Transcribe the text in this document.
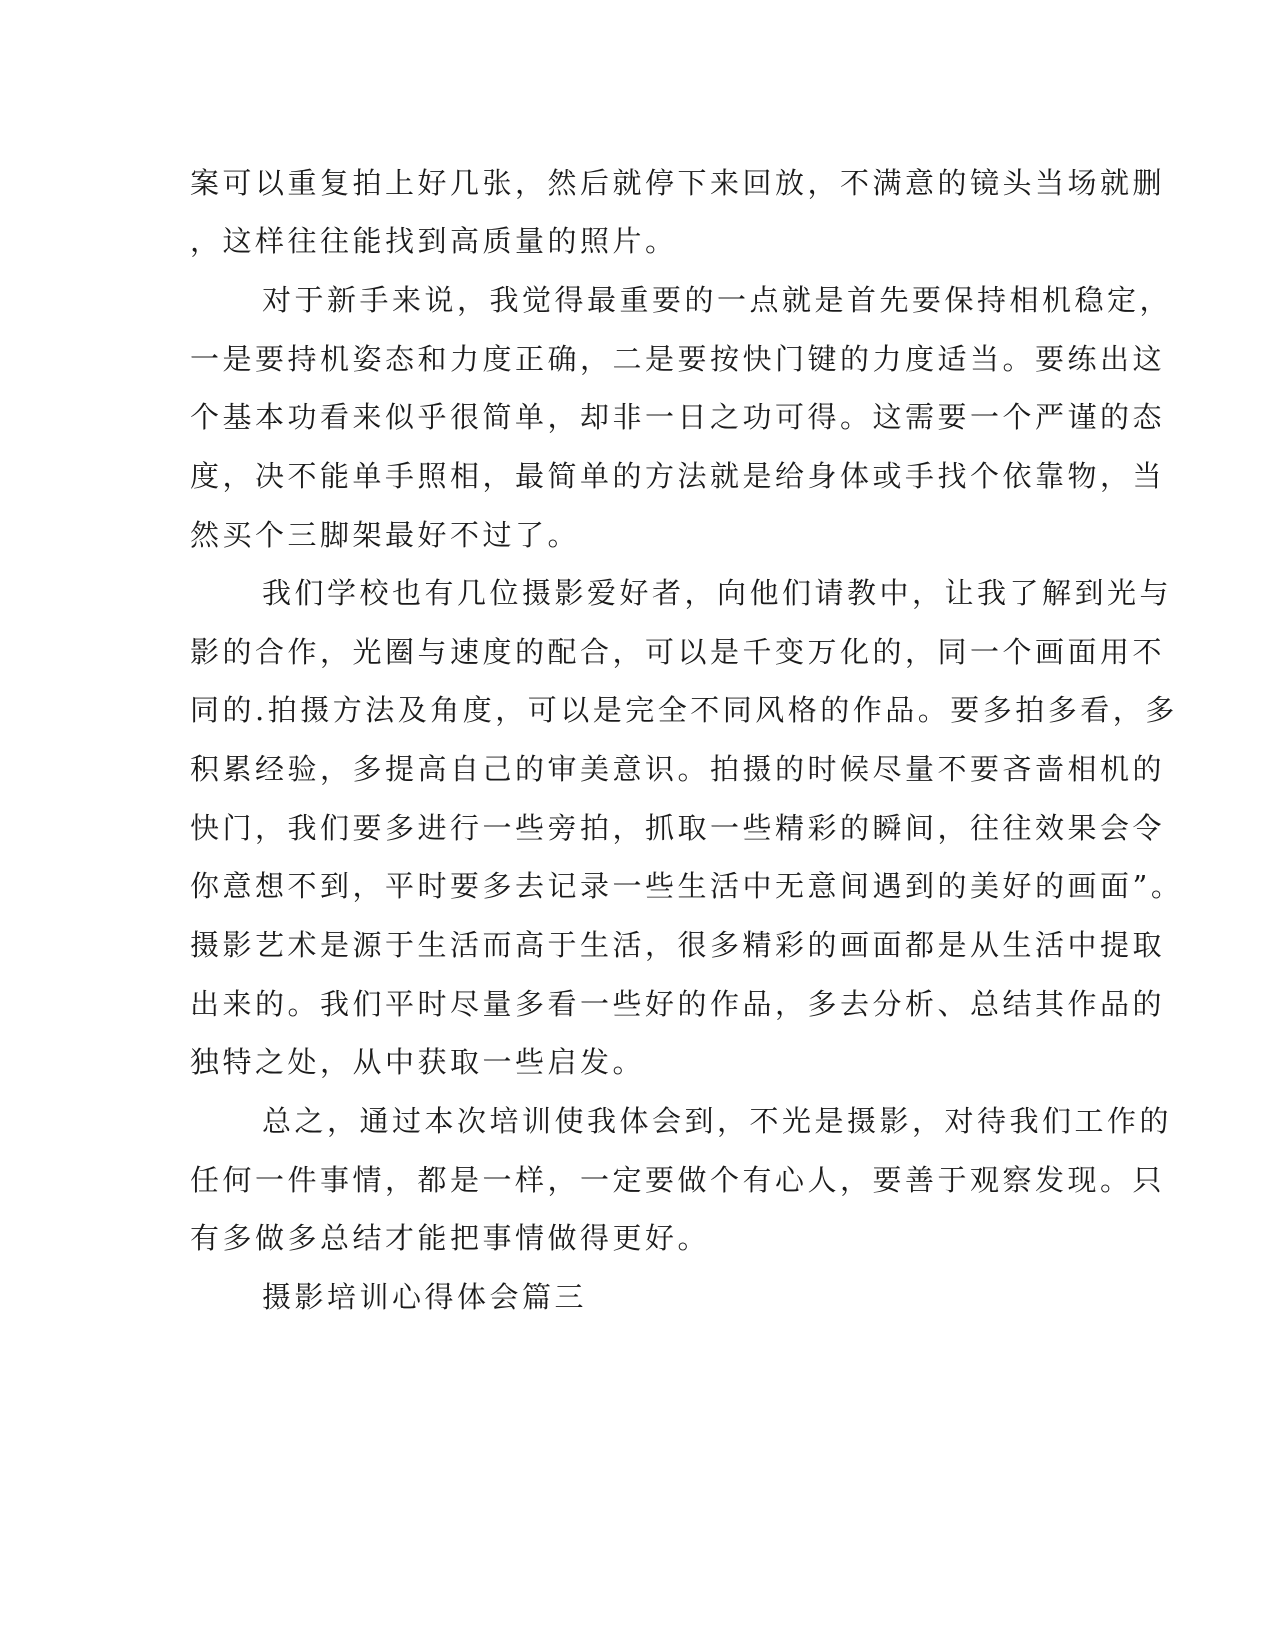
案可以重复拍上好几张，然后就停下来回放，不满意的镜头当场就删
，这样往往能找到高质量的照片。
对于新手来说，我觉得最重要的一点就是首先要保持相机稳定，
一是要持机姿态和力度正确，二是要按快门键的力度适当。要练出这
个基本功看来似乎很简单，却非一日之功可得。这需要一个严谨的态
度，决不能单手照相，最简单的方法就是给身体或手找个依靠物，当
然买个三脚架最好不过了。
我们学校也有几位摄影爱好者，向他们请教中，让我了解到光与
影的合作，光圈与速度的配合，可以是千变万化的，同一个画面用不
同的.拍摄方法及角度，可以是完全不同风格的作品。要多拍多看，多
积累经验，多提高自己的审美意识。拍摄的时候尽量不要吝啬相机的
快门，我们要多进行一些旁拍，抓取一些精彩的瞬间，往往效果会令
你意想不到，平时要多去记录一些生活中无意间遇到的美好的画面”。
摄影艺术是源于生活而高于生活，很多精彩的画面都是从生活中提取
出来的。我们平时尽量多看一些好的作品，多去分析、总结其作品的
独特之处，从中获取一些启发。
总之，通过本次培训使我体会到，不光是摄影，对待我们工作的
任何一件事情，都是一样，一定要做个有心人，要善于观察发现。只
有多做多总结才能把事情做得更好。
摄影培训心得体会篇三
